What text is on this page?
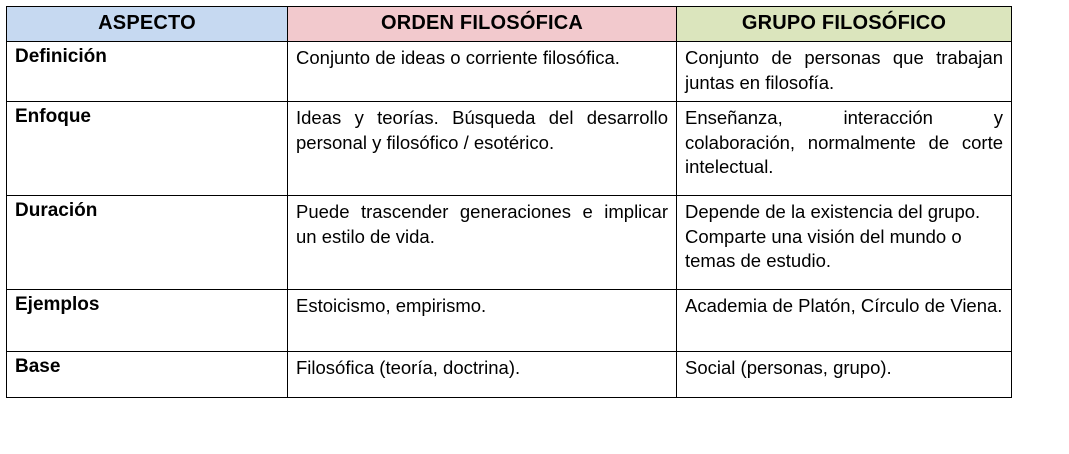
ASPECTO	ORDEN FILOSÓFICA	GRUPO FILOSÓFICO
Definición	Conjunto de ideas o corriente filosófica.	Conjunto de personas que trabajan juntas en filosofía.
Enfoque	Ideas y teorías. Búsqueda del desarrollo personal y filosófico / esotérico.	Enseñanza, interacción y colaboración, normalmente de corte intelectual.
Duración	Puede trascender generaciones e implicar un estilo de vida.	Depende de la existencia del grupo. Comparte una visión del mundo o temas de estudio.
Ejemplos	Estoicismo, empirismo.	Academia de Platón, Círculo de Viena.
Base	Filosófica (teoría, doctrina).	Social (personas, grupo).
